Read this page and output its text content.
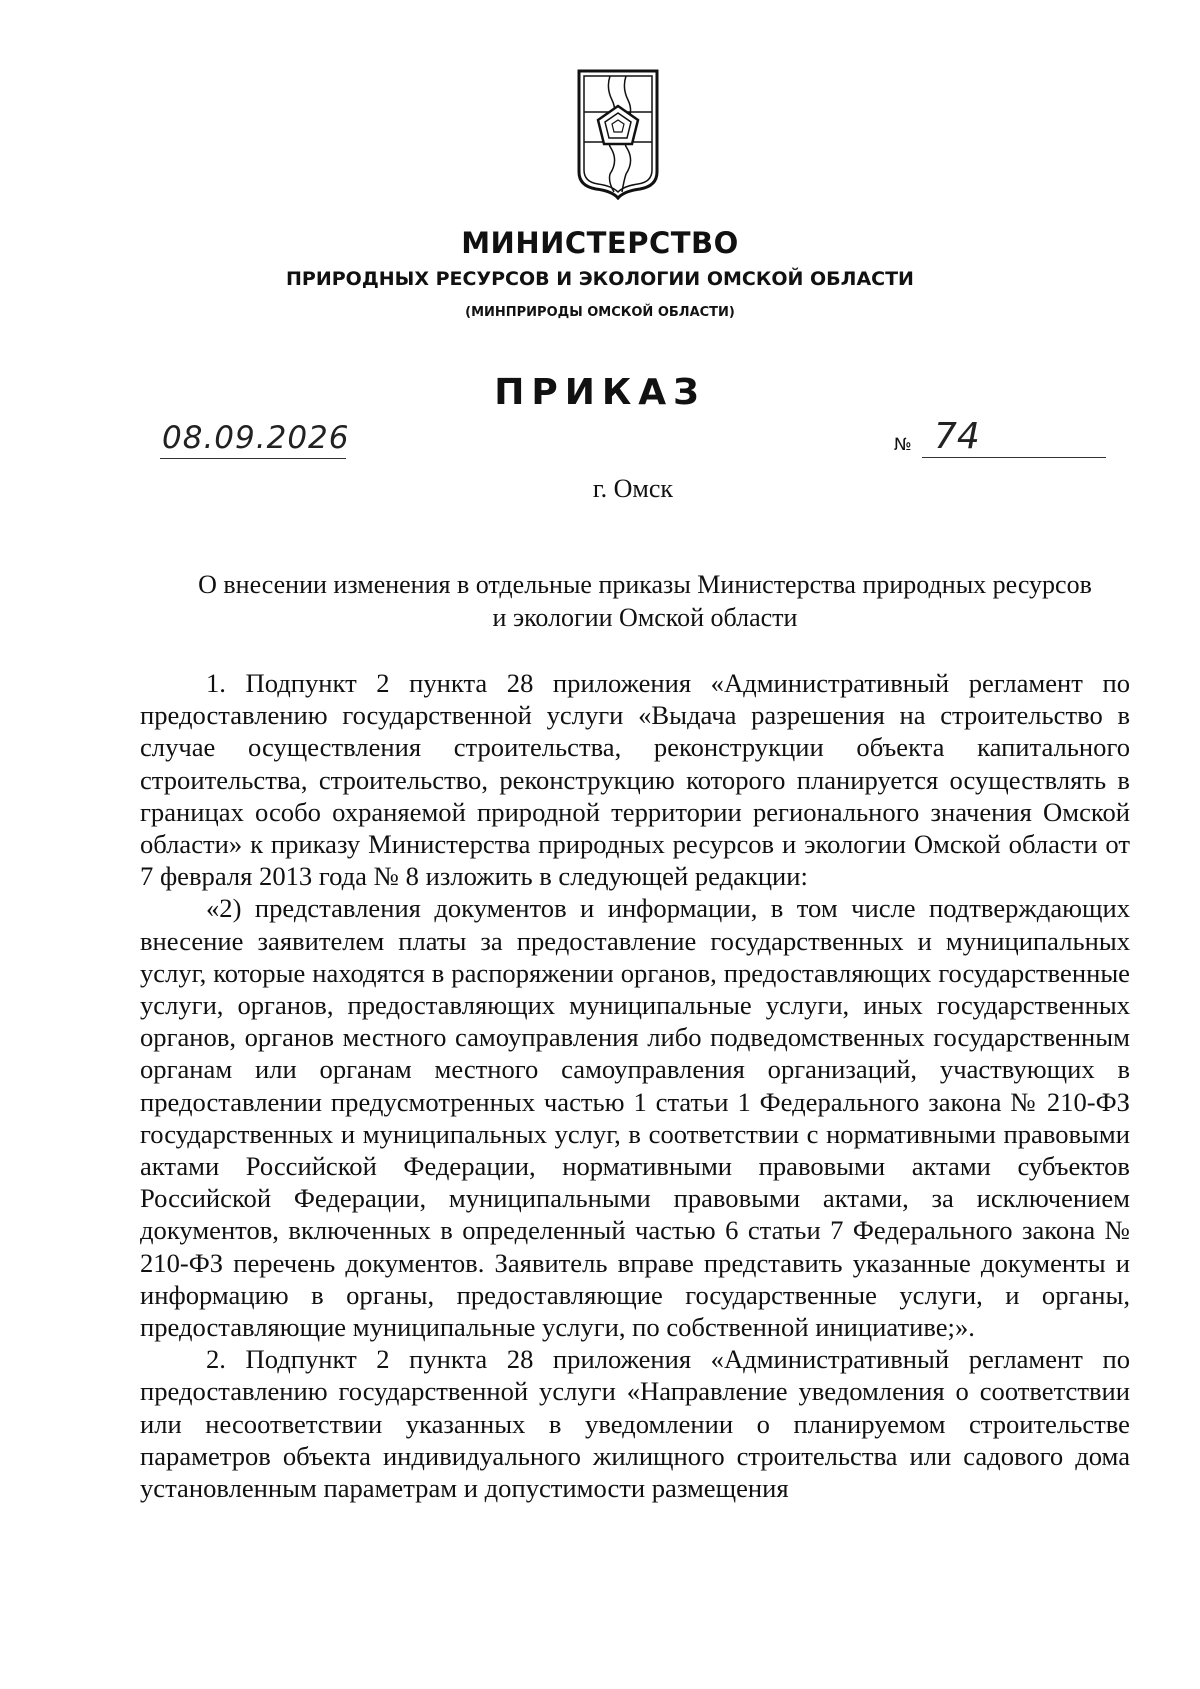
МИНИСТЕРСТВО
ПРИРОДНЫХ РЕСУРСОВ И ЭКОЛОГИИ ОМСКОЙ ОБЛАСТИ
(МИНПРИРОДЫ ОМСКОЙ ОБЛАСТИ)
ПРИКАЗ
08.09.2026	№ 74
г. Омск
О внесении изменения в отдельные приказы Министерства природных ресурсов
и экологии Омской области

1. Подпункт 2 пункта 28 приложения «Административный регламент по предоставлению государственной услуги «Выдача разрешения на строительство в случае осуществления строительства, реконструкции объекта капитального строительства, строительство, реконструкцию которого планируется осуществлять в границах особо охраняемой природной территории регионального значения Омской области» к приказу Министерства природных ресурсов и экологии Омской области от 7 февраля 2013 года № 8 изложить в следующей редакции:

«2) представления документов и информации, в том числе подтверждающих внесение заявителем платы за предоставление государственных и муниципальных услуг, которые находятся в распоряжении органов, предоставляющих государственные услуги, органов, предоставляющих муниципальные услуги, иных государственных органов, органов местного самоуправления либо подведомственных государственным органам или органам местного самоуправления организаций, участвующих в предоставлении предусмотренных частью 1 статьи 1 Федерального закона № 210-ФЗ государственных и муниципальных услуг, в соответствии с нормативными правовыми актами Российской Федерации, нормативными правовыми актами субъектов Российской Федерации, муниципальными правовыми актами, за исключением документов, включенных в определенный частью 6 статьи 7 Федерального закона № 210-ФЗ перечень документов. Заявитель вправе представить указанные документы и информацию в органы, предоставляющие государственные услуги, и органы, предоставляющие муниципальные услуги, по собственной инициативе;».

2. Подпункт 2 пункта 28 приложения «Административный регламент по предоставлению государственной услуги «Направление уведомления о соответствии или несоответствии указанных в уведомлении о планируемом строительстве параметров объекта индивидуального жилищного строительства или садового дома установленным параметрам и допустимости размещения
